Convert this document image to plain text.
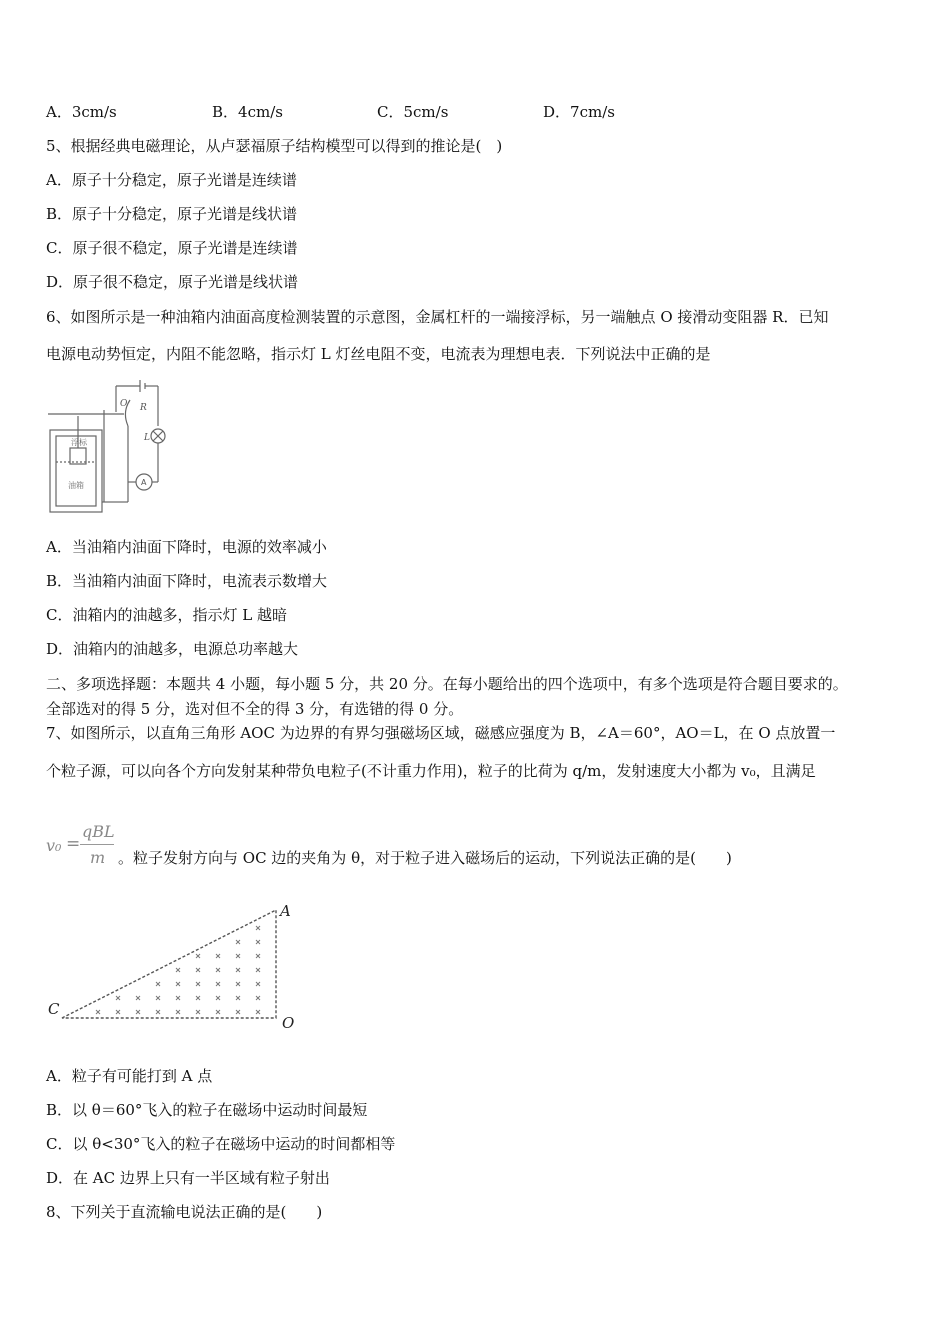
A．3cm/s	B．4cm/s	C．5cm/s	D．7cm/s
5、根据经典电磁理论，从卢瑟福原子结构模型可以得到的推论是(　)
A．原子十分稳定，原子光谱是连续谱
B．原子十分稳定，原子光谱是线状谱
C．原子很不稳定，原子光谱是连续谱
D．原子很不稳定，原子光谱是线状谱
6、如图所示是一种油箱内油面高度检测装置的示意图，金属杠杆的一端接浮标，另一端触点 O 接滑动变阻器 R．已知
电源电动势恒定，内阻不能忽略，指示灯 L 灯丝电阻不变，电流表为理想电表．下列说法中正确的是
浮标
油箱
R
O
L
A
A．当油箱内油面下降时，电源的效率减小
B．当油箱内油面下降时，电流表示数增大
C．油箱内的油越多，指示灯 L 越暗
D．油箱内的油越多，电源总功率越大
二、多项选择题：本题共 4 小题，每小题 5 分，共 20 分。在每小题给出的四个选项中，有多个选项是符合题目要求的。
全部选对的得 5 分，选对但不全的得 3 分，有选错的得 0 分。
7、如图所示，以直角三角形 AOC 为边界的有界匀强磁场区域，磁感应强度为 B，∠A＝60°，AO＝L，在 O 点放置一
个粒子源，可以向各个方向发射某种带负电粒子(不计重力作用)，粒子的比荷为 q/m，发射速度大小都为 v₀，且满足
v₀ =
qBL
m 。粒子发射方向与 OC 边的夹角为 θ，对于粒子进入磁场后的运动，下列说法正确的是(　　)
A
C
O
A．粒子有可能打到 A 点
B．以 θ＝60°飞入的粒子在磁场中运动时间最短
C．以 θ<30°飞入的粒子在磁场中运动的时间都相等
D．在 AC 边界上只有一半区域有粒子射出
8、下列关于直流输电说法正确的是(　　)
